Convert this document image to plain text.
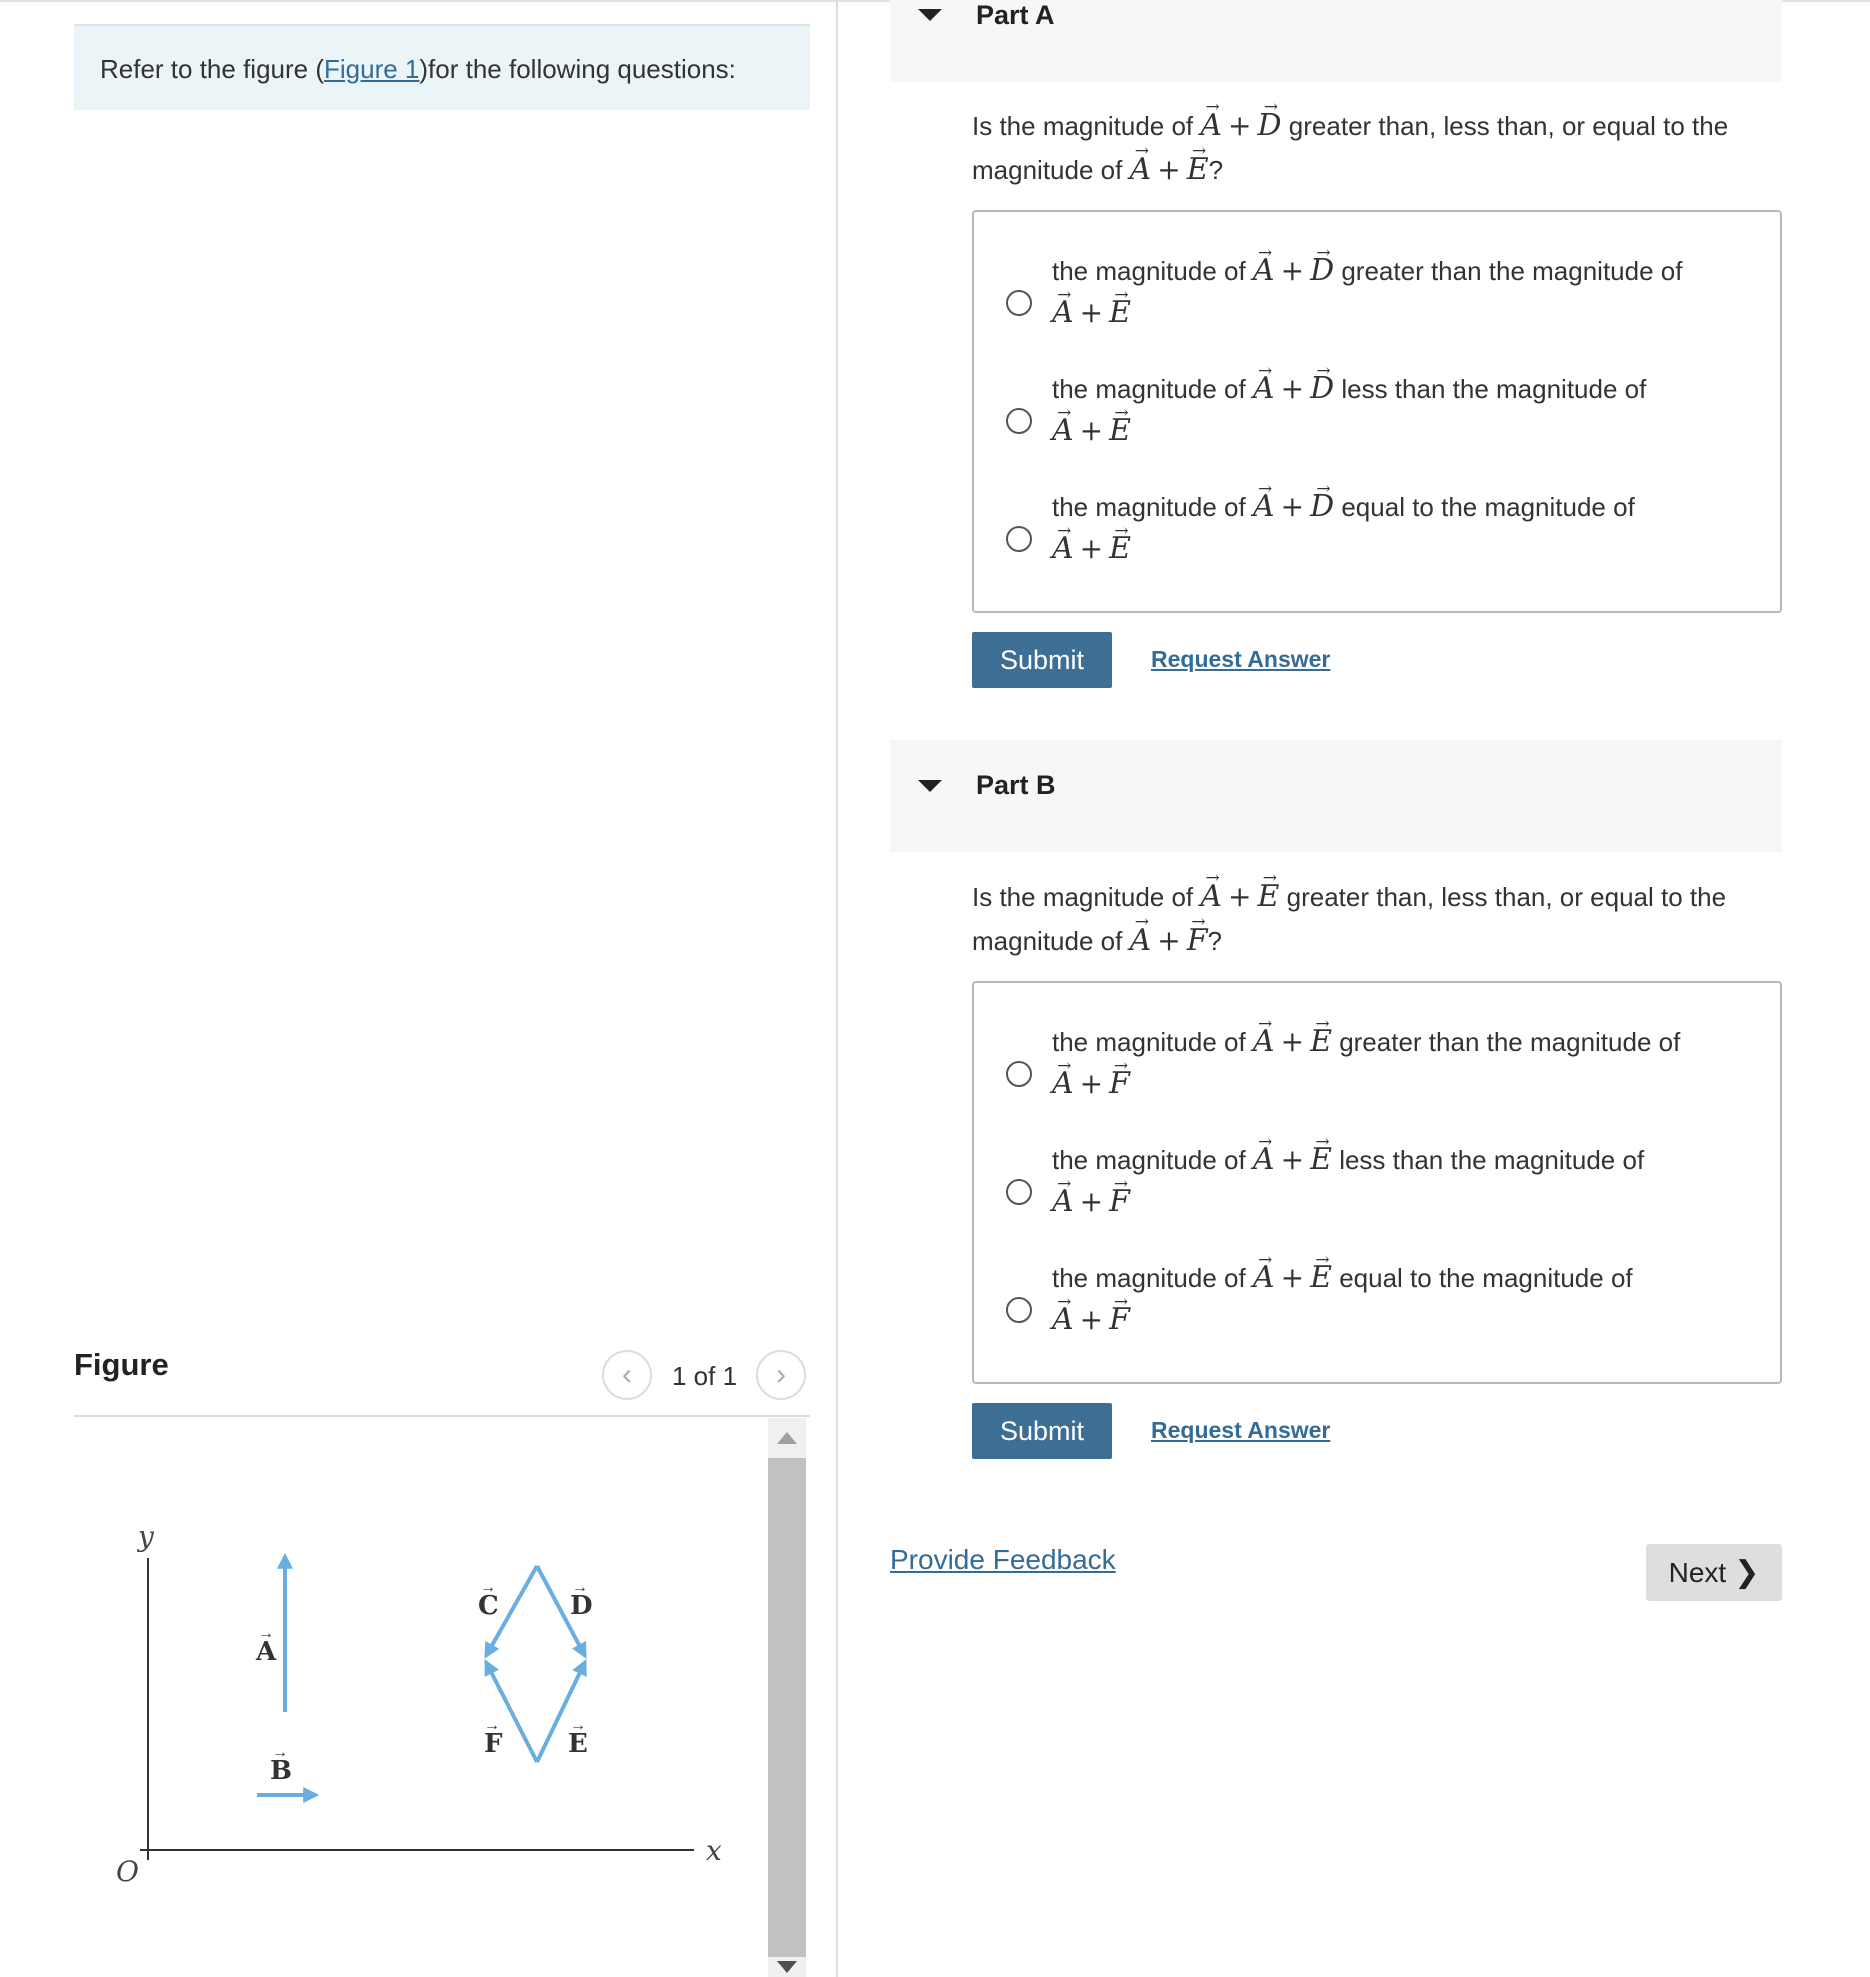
Refer to the figure (Figure 1)for the following questions:
Figure	‹ 1 of 1 ›
y
x
O
A
→
B
→
C
→
D
→
F
→
E
→
Part A
Is the magnitude of → A + → D greater than, less than, or equal to the
magnitude of → A + → E?
the magnitude of → A + → D greater than the magnitude of
→ A + → E
the magnitude of → A + → D less than the magnitude of
→ A + → E
the magnitude of → A + → D equal to the magnitude of
→ A + → E
Submit	Request Answer
Part B
Is the magnitude of → A + → E greater than, less than, or equal to the
magnitude of → A + → F?
the magnitude of → A + → E greater than the magnitude of
→ A + → F
the magnitude of → A + → E less than the magnitude of
→ A + → F
the magnitude of → A + → E equal to the magnitude of
→ A + → F
Submit	Request Answer
Provide Feedback	Next ❯
